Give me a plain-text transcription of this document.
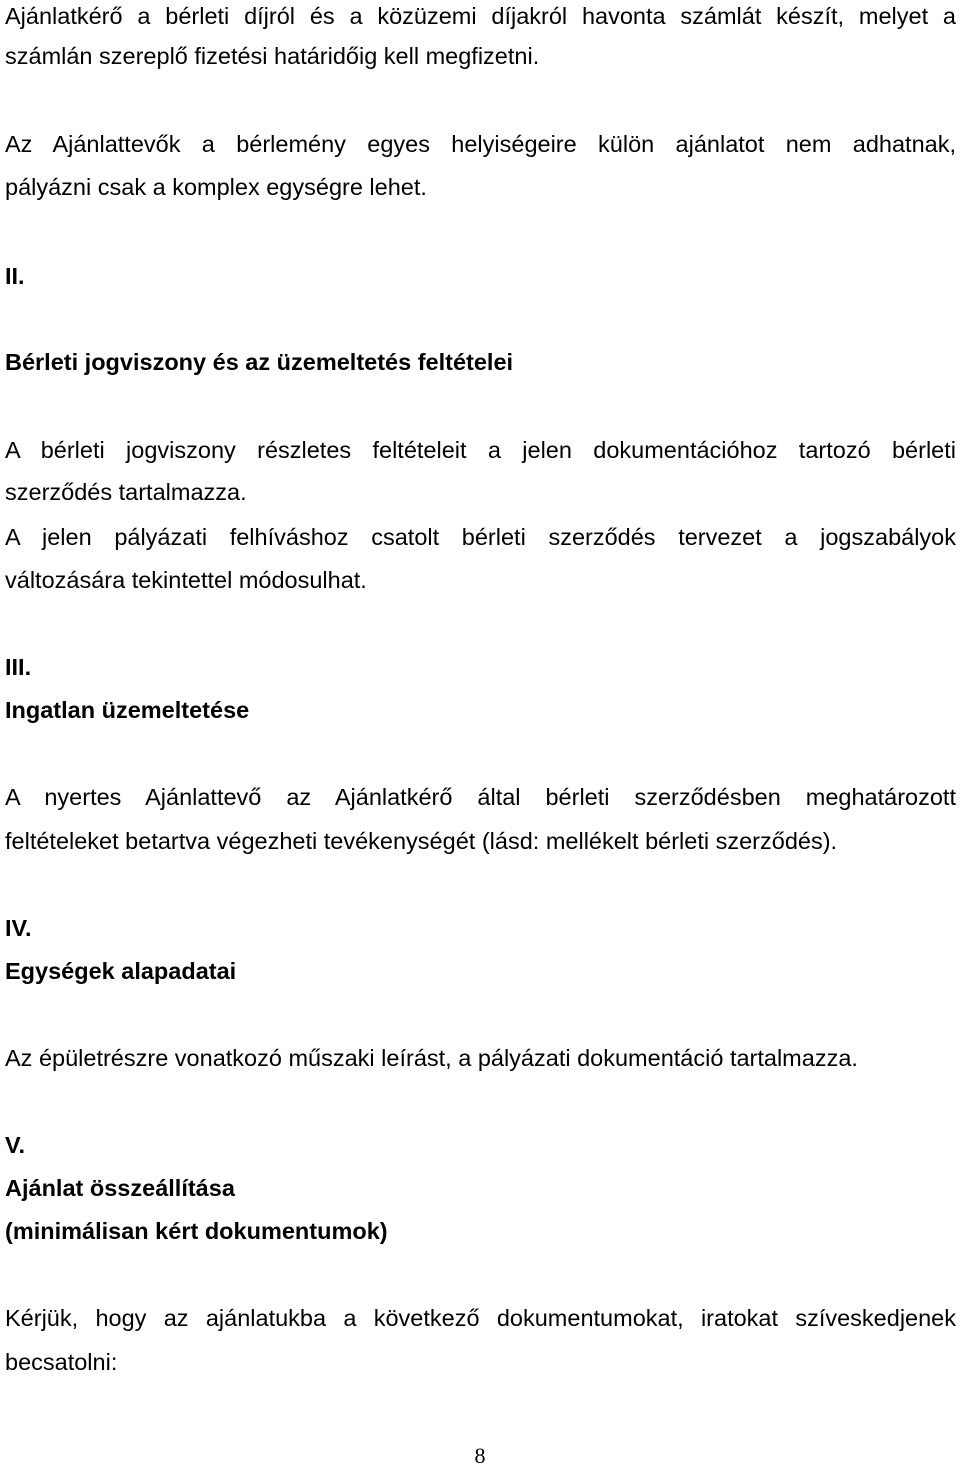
Ajánlatkérő a bérleti díjról és a közüzemi díjakról havonta számlát készít, melyet a
számlán szereplő fizetési határidőig kell megfizetni.
Az Ajánlattevők a bérlemény egyes helyiségeire külön ajánlatot nem adhatnak,
pályázni csak a komplex egységre lehet.
II.
Bérleti jogviszony és az üzemeltetés feltételei
A bérleti jogviszony részletes feltételeit a jelen dokumentációhoz tartozó bérleti
szerződés tartalmazza.
A jelen pályázati felhíváshoz csatolt bérleti szerződés tervezet a jogszabályok
változására tekintettel módosulhat.
III.
Ingatlan üzemeltetése
A nyertes Ajánlattevő az Ajánlatkérő által bérleti szerződésben meghatározott
feltételeket betartva végezheti tevékenységét (lásd: mellékelt bérleti szerződés).
IV.
Egységek alapadatai
Az épületrészre vonatkozó műszaki leírást, a pályázati dokumentáció tartalmazza.
V.
Ajánlat összeállítása
(minimálisan kért dokumentumok)
Kérjük, hogy az ajánlatukba a következő dokumentumokat, iratokat szíveskedjenek
becsatolni:
8
